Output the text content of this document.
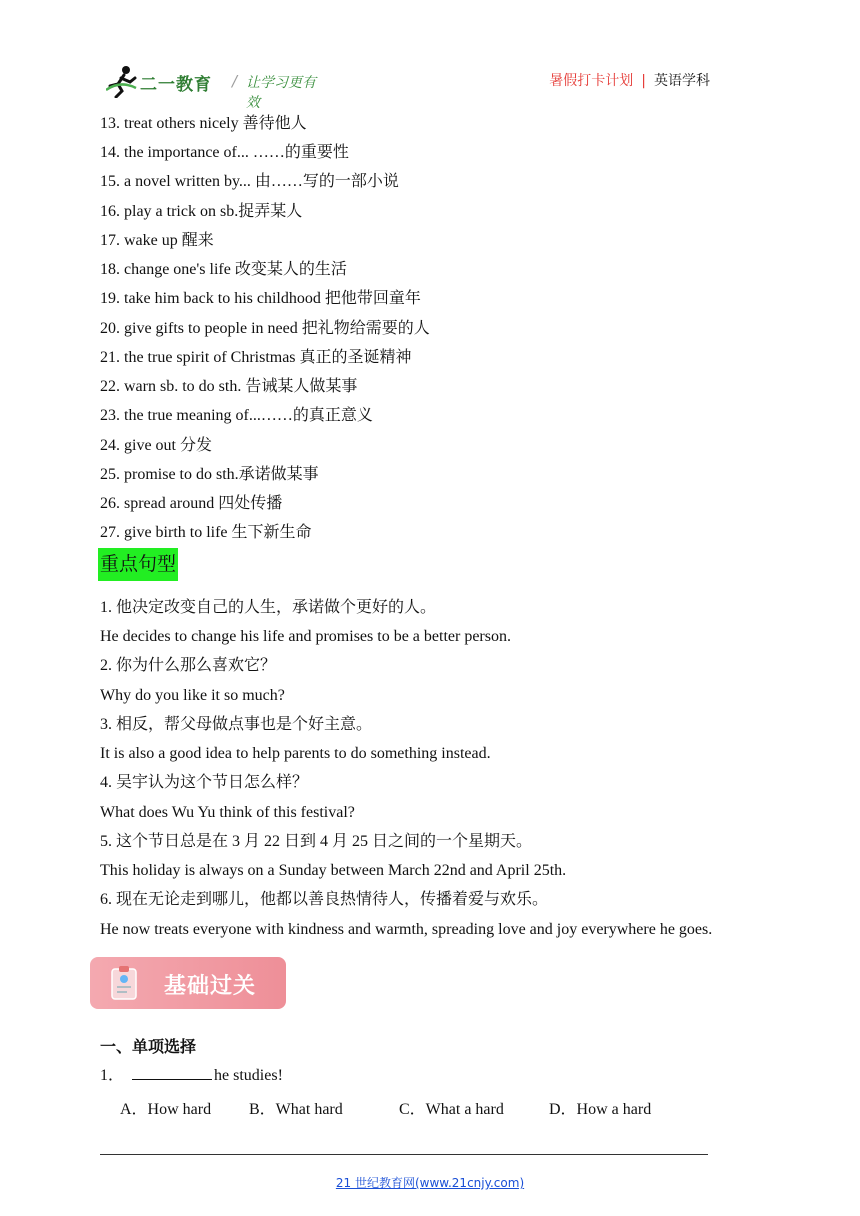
二一教育 / 让学习更有效
暑假打卡计划 | 英语学科
13. treat others nicely 善待他人
14. the importance of... ……的重要性
15. a novel written by... 由……写的一部小说
16. play a trick on sb.捉弄某人
17. wake up 醒来
18. change one's life 改变某人的生活
19. take him back to his childhood 把他带回童年
20. give gifts to people in need 把礼物给需要的人
21. the true spirit of Christmas 真正的圣诞精神
22. warn sb. to do sth. 告诫某人做某事
23. the true meaning of...……的真正意义
24. give out 分发
25. promise to do sth.承诺做某事
26. spread around 四处传播
27. give birth to life 生下新生命
重点句型
1. 他决定改变自己的人生，承诺做个更好的人。
He decides to change his life and promises to be a better person.
2. 你为什么那么喜欢它？
Why do you like it so much?
3. 相反，帮父母做点事也是个好主意。
It is also a good idea to help parents to do something instead.
4. 吴宇认为这个节日怎么样？
What does Wu Yu think of this festival?
5. 这个节日总是在 3 月 22 日到 4 月 25 日之间的一个星期天。
This holiday is always on a Sunday between March 22nd and April 25th.
6. 现在无论走到哪儿，他都以善良热情待人，传播着爱与欢乐。
He now treats everyone with kindness and warmth, spreading love and joy everywhere he goes.
基础过关
一、单项选择
1．	he studies!
A．How hard B．What hard	C．What a hard	D．How a hard
21 世纪教育网(www.21cnjy.com)
